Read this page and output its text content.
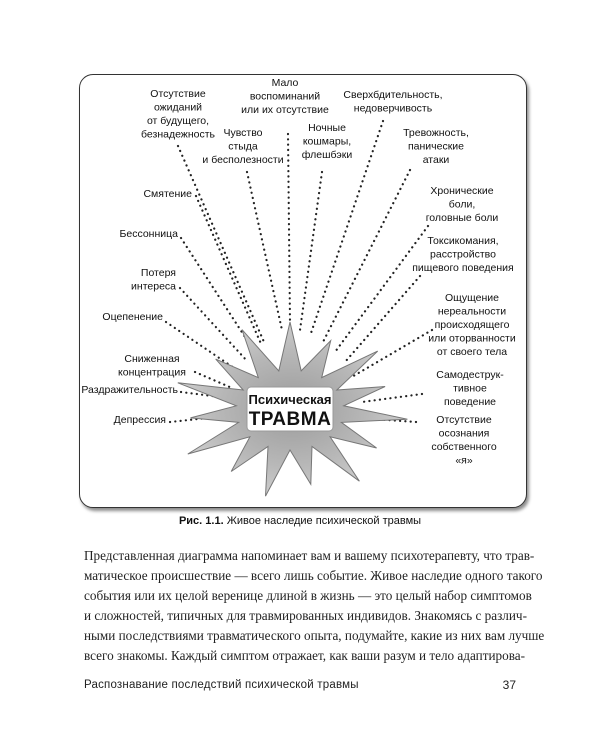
Отсутствие ожиданий от будущего, безнадежность Чувство стыда и бесполезности
Мало воспоминаний или их отсутствие
Ночные кошмары, флешбэки
Сверхбдительность, недоверчивость
Тревожность, панические атаки
Хронические боли, головные боли
Токсикомания, расстройство пищевого поведения
Ощущение нереальности происходящего или оторванности от своего тела
Самодеструк-тивное поведение
Отсутствие осознания собственного «я»
Смятение
Бессонница
Потеря интереса
Оцепенение
Сниженная концентрация
Раздражительность
Депрессия
Психическая
ТРАВМА
Рис. 1.1. Живое наследие психической травмы
Представленная диаграмма напоминает вам и вашему психотерапевту, что трав-
матическое происшествие — всего лишь событие. Живое наследие одного такого
события или их целой веренице длиной в жизнь — это целый набор симптомов
и сложностей, типичных для травмированных индивидов. Знакомясь с различ-
ными последствиями травматического опыта, подумайте, какие из них вам лучше
всего знакомы. Каждый симптом отражает, как ваши разум и тело адаптирова-
Распознавание последствий психической травмы	37
